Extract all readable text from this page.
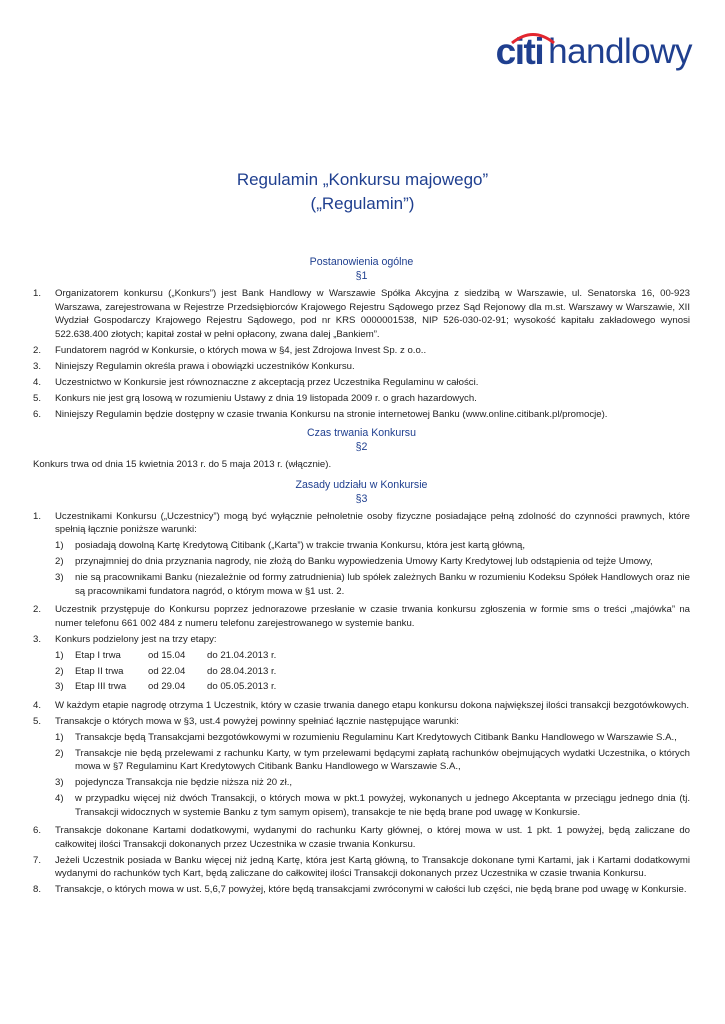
citi handlowy
Regulamin „Konkursu majowego”
(„Regulamin”)
Postanowienia ogólne
§1
1.	Organizatorem konkursu („Konkurs”) jest Bank Handlowy w Warszawie Spółka Akcyjna z siedzibą w Warszawie, ul. Senatorska 16, 00-923 Warszawa, zarejestrowana w Rejestrze Przedsiębiorców Krajowego Rejestru Sądowego przez Sąd Rejonowy dla m.st. Warszawy w Warszawie, XII Wydział Gospodarczy Krajowego Rejestru Sądowego, pod nr KRS 0000001538, NIP 526-030-02-91; wysokość kapitału zakładowego wynosi 522.638.400 złotych; kapitał został w pełni opłacony, zwana dalej „Bankiem”.
2.	Fundatorem nagród w Konkursie, o których mowa w §4, jest Zdrojowa Invest Sp. z o.o..
3.	Niniejszy Regulamin określa prawa i obowiązki uczestników Konkursu.
4.	Uczestnictwo w Konkursie jest równoznaczne z akceptacją przez Uczestnika Regulaminu w całości.
5.	Konkurs nie jest grą losową w rozumieniu Ustawy z dnia 19 listopada 2009 r. o grach hazardowych.
6.	Niniejszy Regulamin będzie dostępny w czasie trwania Konkursu na stronie internetowej Banku (www.online.citibank.pl/promocje).
Czas trwania Konkursu
§2
Konkurs trwa od dnia 15 kwietnia 2013 r. do 5 maja 2013 r. (włącznie).
Zasady udziału w Konkursie
§3
1.	Uczestnikami Konkursu („Uczestnicy”) mogą być wyłącznie pełnoletnie osoby fizyczne posiadające pełną zdolność do czynności prawnych, które spełnią łącznie poniższe warunki:
1)	posiadają dowolną Kartę Kredytową Citibank („Karta”) w trakcie trwania Konkursu, która jest kartą główną,
2)	przynajmniej do dnia przyznania nagrody, nie złożą do Banku wypowiedzenia Umowy Karty Kredytowej lub odstąpienia od tejże Umowy,
3)	nie są pracownikami Banku (niezależnie od formy zatrudnienia) lub spółek zależnych Banku w rozumieniu Kodeksu Spółek Handlowych oraz nie są pracownikami fundatora nagród, o którym mowa w §1 ust. 2.
2.	Uczestnik przystępuje do Konkursu poprzez jednorazowe przesłanie w czasie trwania konkursu zgłoszenia w formie sms o treści „majówka” na numer telefonu 661 002 484 z numeru telefonu zarejestrowanego w systemie banku.
3.	Konkurs podzielony jest na trzy etapy:
1)	Etap I trwa	od 15.04	do 21.04.2013 r.
2)	Etap II trwa	od 22.04	do 28.04.2013 r.
3)	Etap III trwa	od 29.04	do 05.05.2013 r.
4.	W każdym etapie nagrodę otrzyma 1 Uczestnik, który w czasie trwania danego etapu konkursu dokona największej ilości transakcji bezgotówkowych.
5.	Transakcje o których mowa w §3, ust.4 powyżej powinny spełniać łącznie następujące warunki:
1)	Transakcje będą Transakcjami bezgotówkowymi w rozumieniu Regulaminu Kart Kredytowych Citibank Banku Handlowego w Warszawie S.A.,
2)	Transakcje nie będą przelewami z rachunku Karty, w tym przelewami będącymi zapłatą rachunków obejmujących wydatki Uczestnika, o których mowa w §7 Regulaminu Kart Kredytowych Citibank Banku Handlowego w Warszawie S.A.,
3)	pojedyncza Transakcja nie będzie niższa niż 20 zł.,
4)	w przypadku więcej niż dwóch Transakcji, o których mowa w pkt.1 powyżej, wykonanych u jednego Akceptanta w przeciągu jednego dnia (tj. Transakcji widocznych w systemie Banku z tym samym opisem), transakcje te nie będą brane pod uwagę w Konkursie.
6.	Transakcje dokonane Kartami dodatkowymi, wydanymi do rachunku Karty głównej, o której mowa w ust. 1 pkt. 1 powyżej, będą zaliczane do całkowitej ilości Transakcji dokonanych przez Uczestnika w czasie trwania Konkursu.
7.	Jeżeli Uczestnik posiada w Banku więcej niż jedną Kartę, która jest Kartą główną, to Transakcje dokonane tymi Kartami, jak i Kartami dodatkowymi wydanymi do rachunków tych Kart, będą zaliczane do całkowitej ilości Transakcji dokonanych przez Uczestnika w czasie trwania Konkursu.
8.	Transakcje, o których mowa w ust. 5,6,7 powyżej, które będą transakcjami zwróconymi w całości lub części, nie będą brane pod uwagę w Konkursie.
